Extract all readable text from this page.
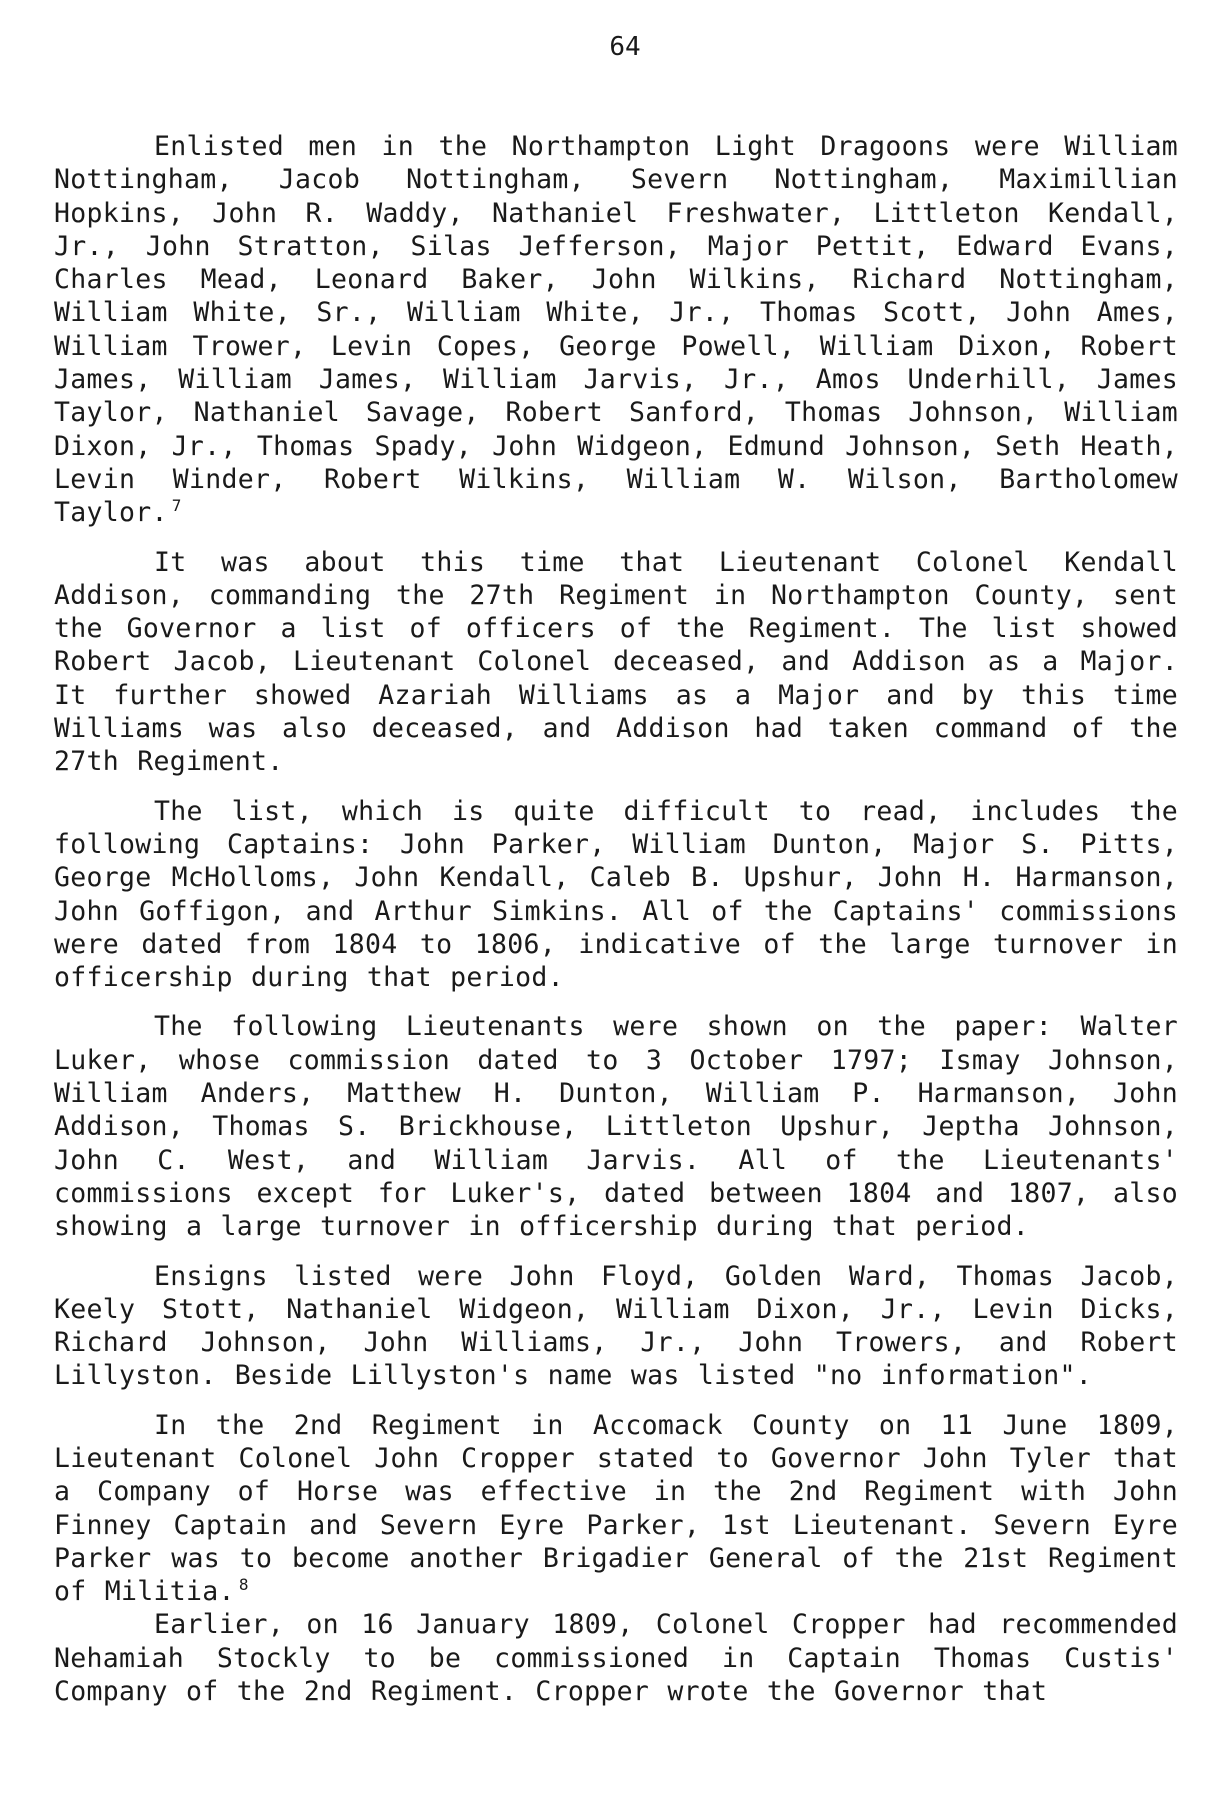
64

Enlisted men in the Northampton Light Dragoons were William Nottingham, Jacob Nottingham, Severn Nottingham, Maximillian Hopkins, John R. Waddy, Nathaniel Freshwater, Littleton Kendall, Jr., John Stratton, Silas Jefferson, Major Pettit, Edward Evans, Charles Mead, Leonard Baker, John Wilkins, Richard Nottingham, William White, Sr., William White, Jr., Thomas Scott, John Ames, William Trower, Levin Copes, George Powell, William Dixon, Robert James, William James, William Jarvis, Jr., Amos Underhill, James Taylor, Nathaniel Savage, Robert Sanford, Thomas Johnson, William Dixon, Jr., Thomas Spady, John Widgeon, Edmund Johnson, Seth Heath, Levin Winder, Robert Wilkins, William W. Wilson, Bartholomew Taylor. $^7$

It was about this time that Lieutenant Colonel Kendall Addison, commanding the 27th Regiment in Northampton County, sent the Governor a list of officers of the Regiment. The list showed Robert Jacob, Lieutenant Colonel deceased, and Addison as a Major. It further showed Azariah Williams as a Major and by this time Williams was also deceased, and Addison had taken command of the 27th Regiment.

The list, which is quite difficult to read, includes the following Captains: John Parker, William Dunton, Major S. Pitts, George McHolloms, John Kendall, Caleb B. Upshur, John H. Harmanson, John Goffigon, and Arthur Simkins. All of the Captains' commissions were dated from 1804 to 1806, indicative of the large turnover in officership during that period.

The following Lieutenants were shown on the paper: Walter Luker, whose commission dated to 3 October 1797; Ismay Johnson, William Anders, Matthew H. Dunton, William P. Harmanson, John Addison, Thomas S. Brickhouse, Littleton Upshur, Jeptha Johnson, John C. West, and William Jarvis. All of the Lieutenants' commissions except for Luker's, dated between 1804 and 1807, also showing a large turnover in officership during that period.

Ensigns listed were John Floyd, Golden Ward, Thomas Jacob, Keely Stott, Nathaniel Widgeon, William Dixon, Jr., Levin Dicks, Richard Johnson, John Williams, Jr., John Trowers, and Robert Lillyston. Beside Lillyston's name was listed "no information".

In the 2nd Regiment in Accomack County on 11 June 1809, Lieutenant Colonel John Cropper stated to Governor John Tyler that a Company of Horse was effective in the 2nd Regiment with John Finney Captain and Severn Eyre Parker, 1st Lieutenant. Severn Eyre Parker was to become another Brigadier General of the 21st Regiment of Militia. $^8$

Earlier, on 16 January 1809, Colonel Cropper had recommended Nehamiah Stockly to be commissioned in Captain Thomas Custis' Company of the 2nd Regiment. Cropper wrote the Governor that
